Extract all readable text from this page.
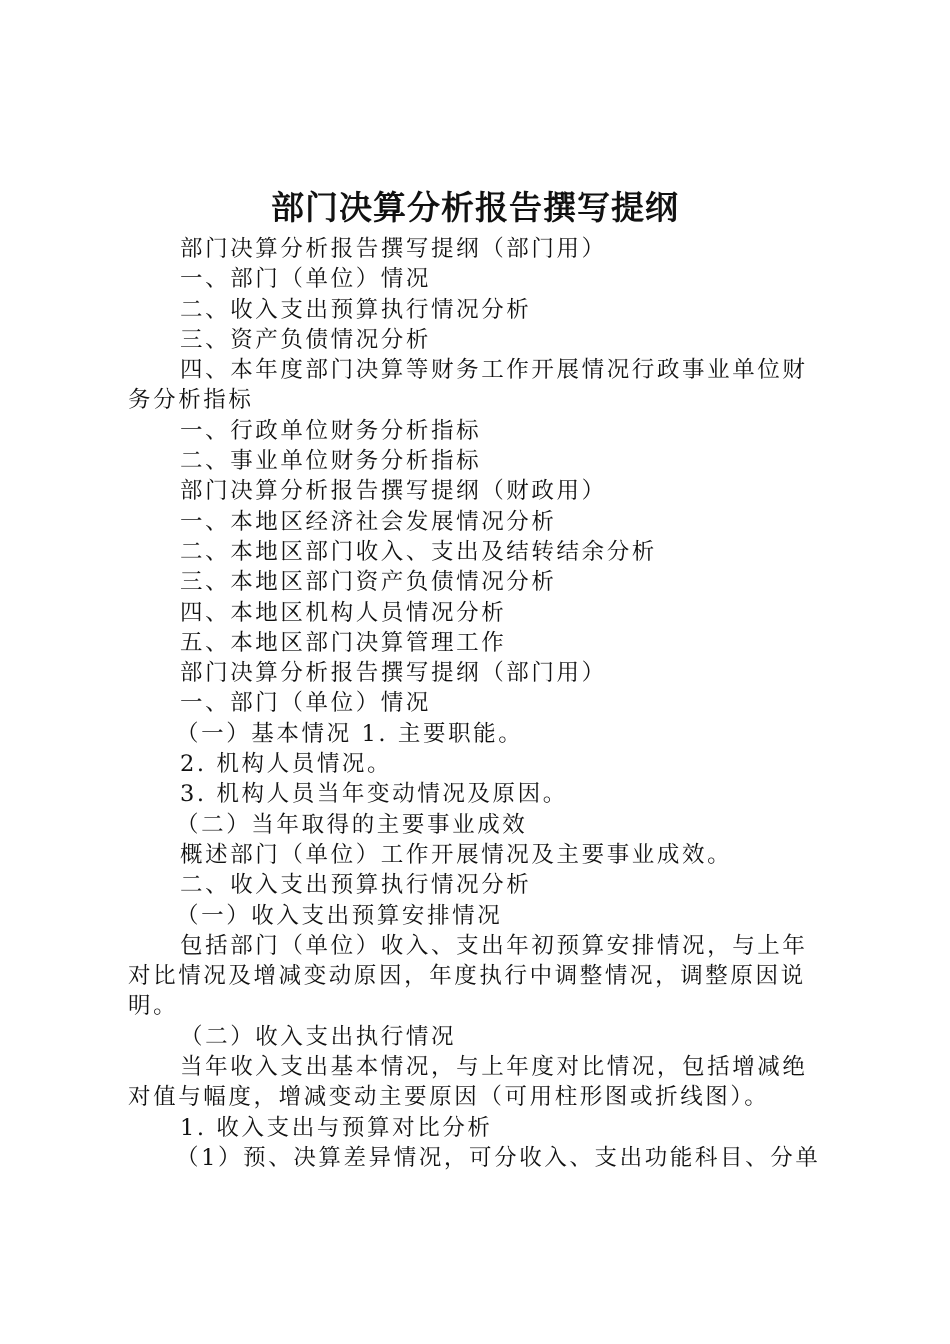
部门决算分析报告撰写提纲

部门决算分析报告撰写提纲（部门用）

一、部门（单位）情况

二、收入支出预算执行情况分析

三、资产负债情况分析

四、本年度部门决算等财务工作开展情况行政事业单位财务分析指标

一、行政单位财务分析指标

二、事业单位财务分析指标

部门决算分析报告撰写提纲（财政用）

一、本地区经济社会发展情况分析

二、本地区部门收入、支出及结转结余分析

三、本地区部门资产负债情况分析

四、本地区机构人员情况分析

五、本地区部门决算管理工作

部门决算分析报告撰写提纲（部门用）

一、部门（单位）情况

（一）基本情况 1. 主要职能。

2. 机构人员情况。

3. 机构人员当年变动情况及原因。

（二）当年取得的主要事业成效

概述部门（单位）工作开展情况及主要事业成效。

二、收入支出预算执行情况分析

（一）收入支出预算安排情况

包括部门（单位）收入、支出年初预算安排情况，与上年对比情况及增减变动原因，年度执行中调整情况，调整原因说明。

（二）收入支出执行情况

当年收入支出基本情况，与上年度对比情况，包括增减绝对值与幅度，增减变动主要原因（可用柱形图或折线图）。

1. 收入支出与预算对比分析

（1）预、决算差异情况，可分收入、支出功能科目、分单
